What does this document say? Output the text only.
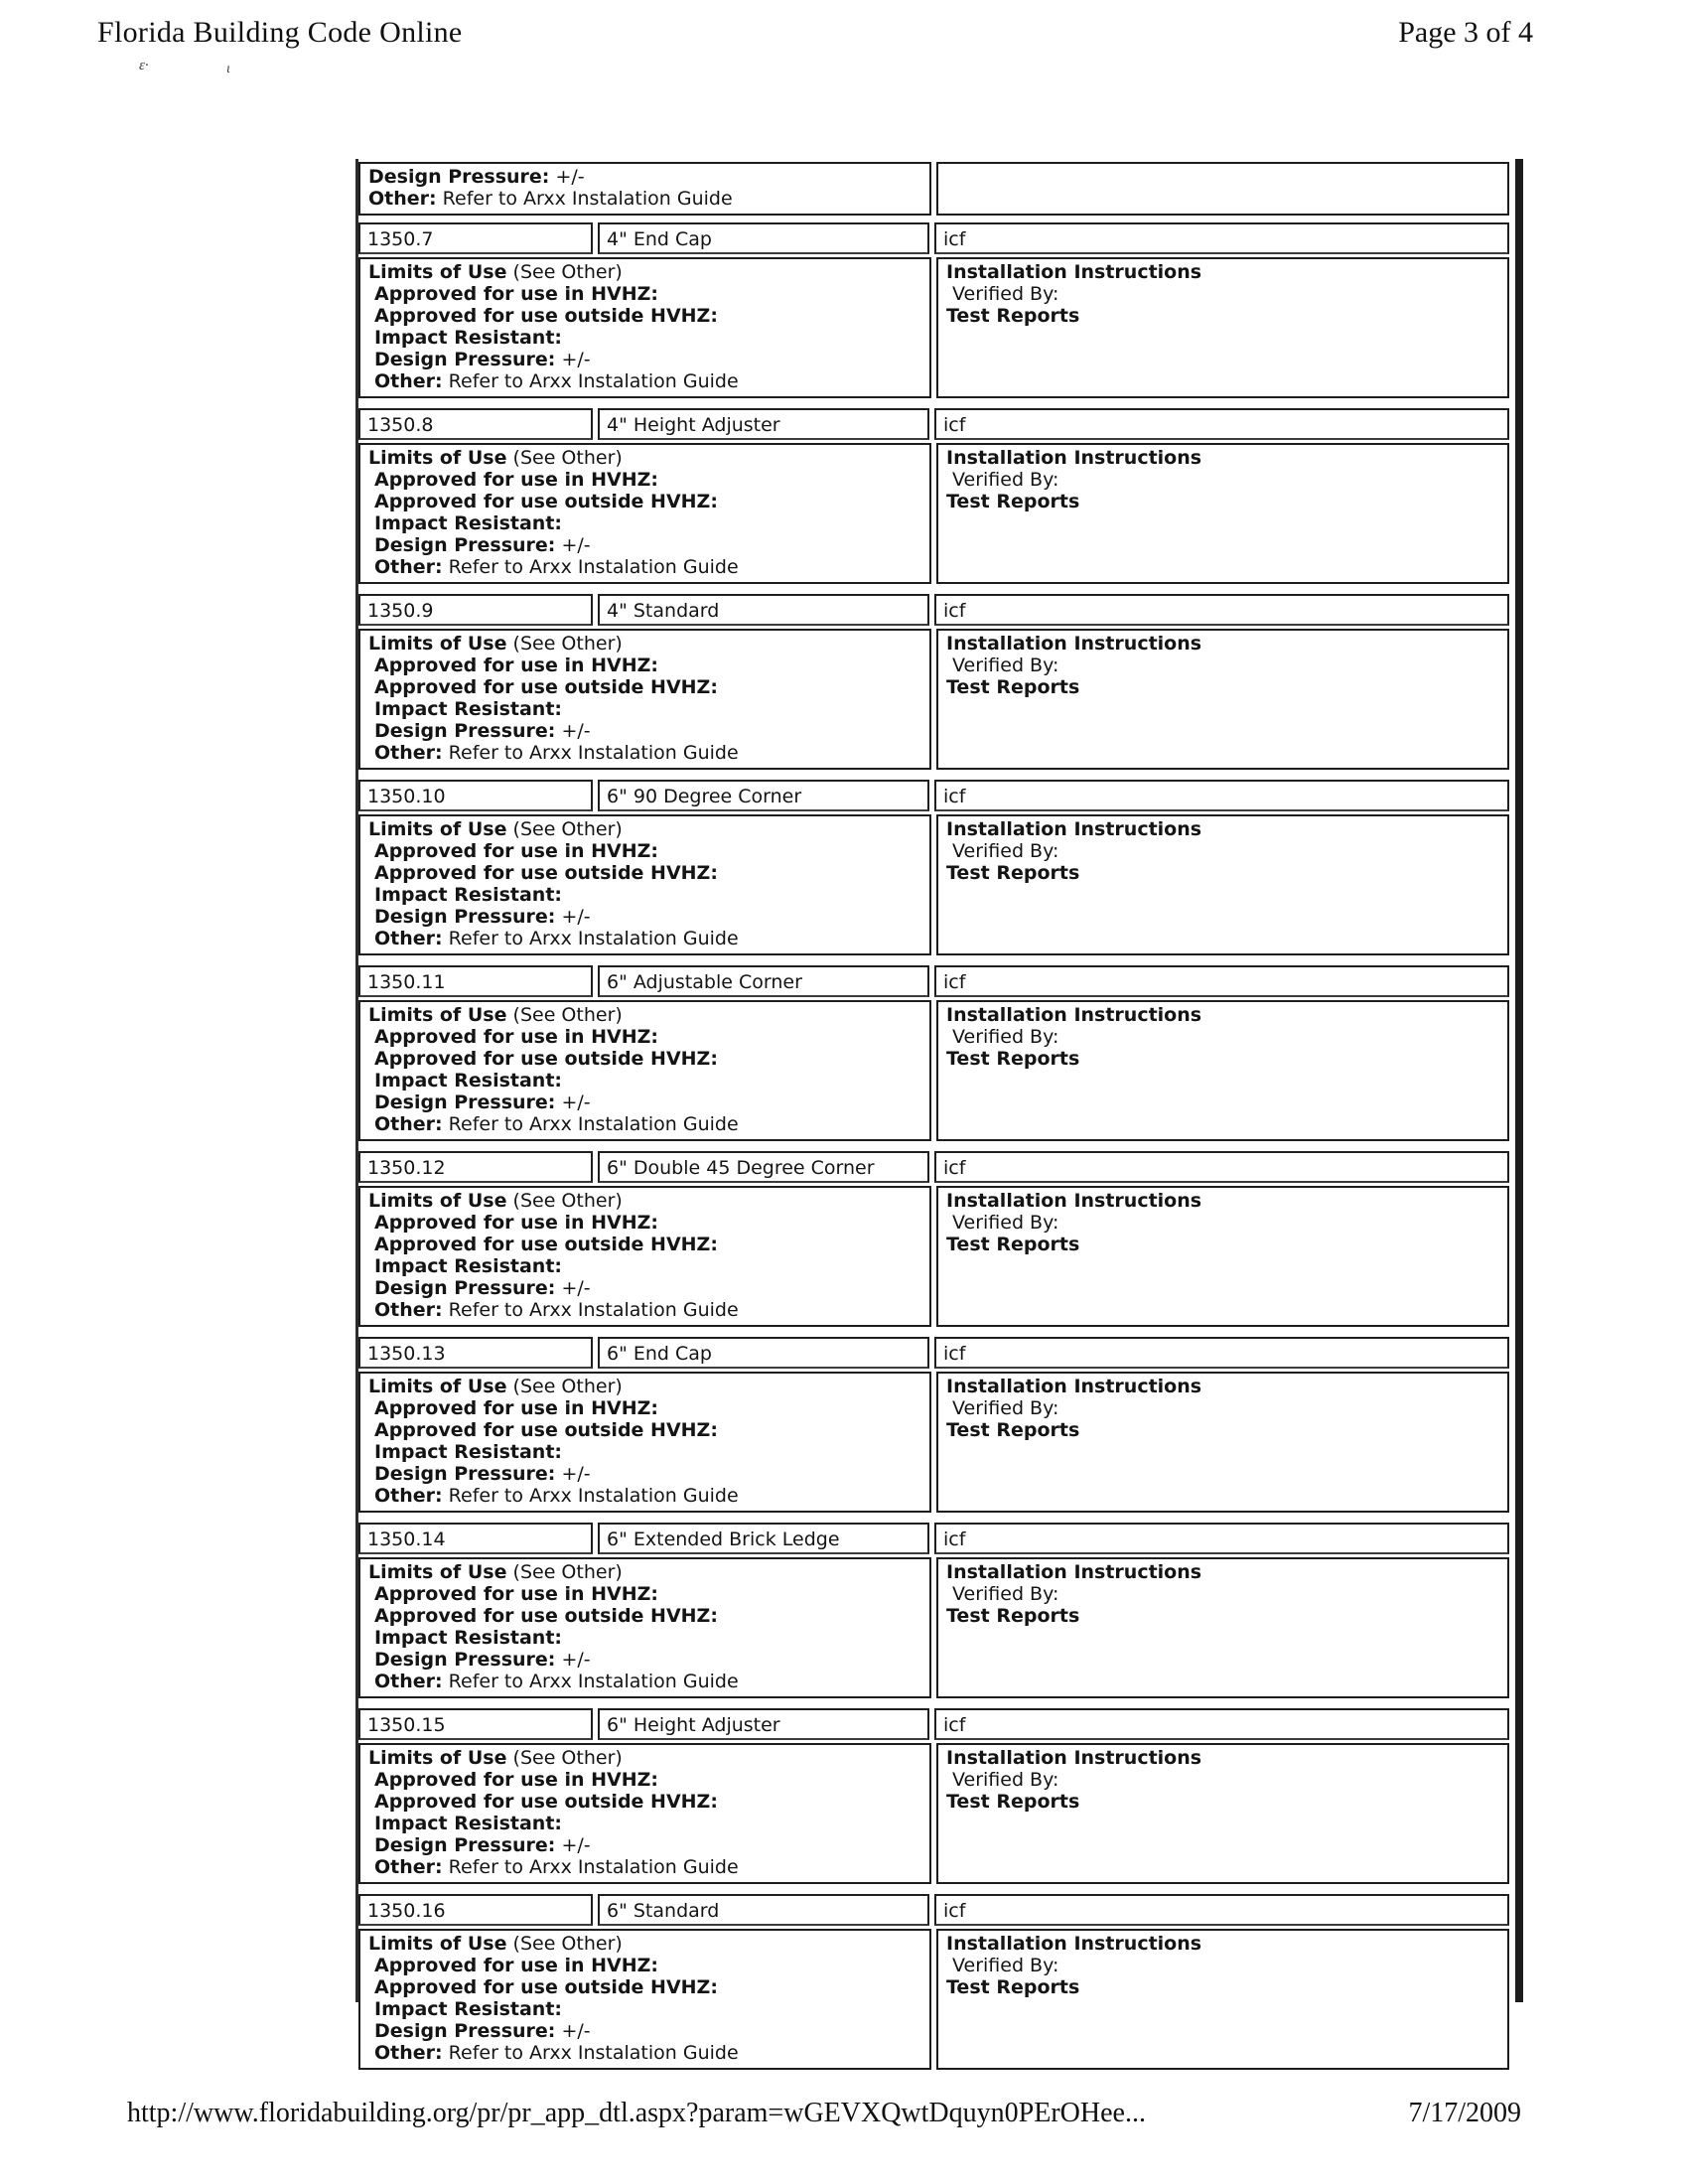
Florida Building Code Online	Page 3 of 4
ε·	ι
Design Pressure: +/-
Other: Refer to Arxx Instalation Guide
1350.7	4" End Cap	icf
Limits of Use (See Other)
Approved for use in HVHZ:
Approved for use outside HVHZ:
Impact Resistant:
Design Pressure: +/-
Other: Refer to Arxx Instalation Guide
Installation Instructions
Verified By:
Test Reports
1350.8	4" Height Adjuster	icf
Limits of Use (See Other)
Approved for use in HVHZ:
Approved for use outside HVHZ:
Impact Resistant:
Design Pressure: +/-
Other: Refer to Arxx Instalation Guide
Installation Instructions
Verified By:
Test Reports
1350.9	4" Standard	icf
Limits of Use (See Other)
Approved for use in HVHZ:
Approved for use outside HVHZ:
Impact Resistant:
Design Pressure: +/-
Other: Refer to Arxx Instalation Guide
Installation Instructions
Verified By:
Test Reports
1350.10	6" 90 Degree Corner	icf
Limits of Use (See Other)
Approved for use in HVHZ:
Approved for use outside HVHZ:
Impact Resistant:
Design Pressure: +/-
Other: Refer to Arxx Instalation Guide
Installation Instructions
Verified By:
Test Reports
1350.11	6" Adjustable Corner	icf
Limits of Use (See Other)
Approved for use in HVHZ:
Approved for use outside HVHZ:
Impact Resistant:
Design Pressure: +/-
Other: Refer to Arxx Instalation Guide
Installation Instructions
Verified By:
Test Reports
1350.12	6" Double 45 Degree Corner	icf
Limits of Use (See Other)
Approved for use in HVHZ:
Approved for use outside HVHZ:
Impact Resistant:
Design Pressure: +/-
Other: Refer to Arxx Instalation Guide
Installation Instructions
Verified By:
Test Reports
1350.13	6" End Cap	icf
Limits of Use (See Other)
Approved for use in HVHZ:
Approved for use outside HVHZ:
Impact Resistant:
Design Pressure: +/-
Other: Refer to Arxx Instalation Guide
Installation Instructions
Verified By:
Test Reports
1350.14	6" Extended Brick Ledge	icf
Limits of Use (See Other)
Approved for use in HVHZ:
Approved for use outside HVHZ:
Impact Resistant:
Design Pressure: +/-
Other: Refer to Arxx Instalation Guide
Installation Instructions
Verified By:
Test Reports
1350.15	6" Height Adjuster	icf
Limits of Use (See Other)
Approved for use in HVHZ:
Approved for use outside HVHZ:
Impact Resistant:
Design Pressure: +/-
Other: Refer to Arxx Instalation Guide
Installation Instructions
Verified By:
Test Reports
1350.16	6" Standard	icf
Limits of Use (See Other)
Approved for use in HVHZ:
Approved for use outside HVHZ:
Impact Resistant:
Design Pressure: +/-
Other: Refer to Arxx Instalation Guide
Installation Instructions
Verified By:
Test Reports
http://www.floridabuilding.org/pr/pr_app_dtl.aspx?param=wGEVXQwtDquyn0PErOHee...	7/17/2009
